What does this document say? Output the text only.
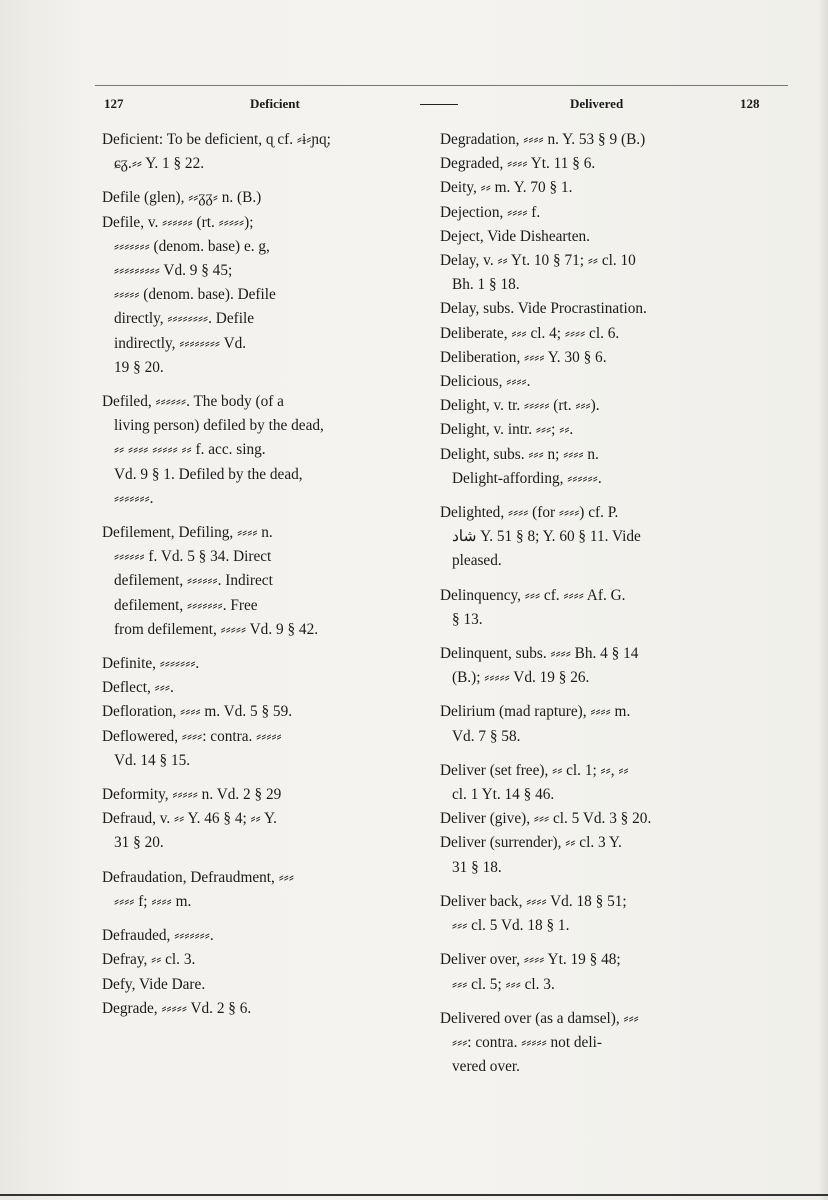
127	Deficient	Delivered	128
Deficient: To be deficient, ɋ cf. ⸗ɨ⸗ɲɋ;
ɕᵹ.⸗⸗ Y. 1 § 22.
Defile (glen), ⸗⸗ᵹᵹ⸗ n. (B.)
Defile, v. ⸗⸗⸗⸗⸗⸗ (rt. ⸗⸗⸗⸗⸗);
⸗⸗⸗⸗⸗⸗⸗ (denom. base) e. g,
⸗⸗⸗⸗⸗⸗⸗⸗⸗ Vd. 9 § 45;
⸗⸗⸗⸗⸗ (denom. base). Defile
directly, ⸗⸗⸗⸗⸗⸗⸗⸗. Defile
indirectly, ⸗⸗⸗⸗⸗⸗⸗⸗ Vd.
19 § 20.
Defiled, ⸗⸗⸗⸗⸗⸗. The body (of a
living person) defiled by the dead,
⸗⸗ ⸗⸗⸗⸗ ⸗⸗⸗⸗⸗ ⸗⸗ f. acc. sing.
Vd. 9 § 1. Defiled by the dead,
⸗⸗⸗⸗⸗⸗⸗.
Defilement, Defiling, ⸗⸗⸗⸗ n.
⸗⸗⸗⸗⸗⸗ f. Vd. 5 § 34. Direct
defilement, ⸗⸗⸗⸗⸗⸗. Indirect
defilement, ⸗⸗⸗⸗⸗⸗⸗. Free
from defilement, ⸗⸗⸗⸗⸗ Vd. 9 § 42.
Definite, ⸗⸗⸗⸗⸗⸗⸗.
Deflect, ⸗⸗⸗.
Defloration, ⸗⸗⸗⸗ m. Vd. 5 § 59.
Deflowered, ⸗⸗⸗⸗: contra. ⸗⸗⸗⸗⸗
Vd. 14 § 15.
Deformity, ⸗⸗⸗⸗⸗ n. Vd. 2 § 29
Defraud, v. ⸗⸗ Y. 46 § 4; ⸗⸗ Y.
31 § 20.
Defraudation, Defraudment, ⸗⸗⸗
⸗⸗⸗⸗ f; ⸗⸗⸗⸗ m.
Defrauded, ⸗⸗⸗⸗⸗⸗⸗.
Defray, ⸗⸗ cl. 3.
Defy, Vide Dare.
Degrade, ⸗⸗⸗⸗⸗ Vd. 2 § 6.
Degradation, ⸗⸗⸗⸗ n. Y. 53 § 9 (B.)
Degraded, ⸗⸗⸗⸗ Yt. 11 § 6.
Deity, ⸗⸗ m. Y. 70 § 1.
Dejection, ⸗⸗⸗⸗ f.
Deject, Vide Dishearten.
Delay, v. ⸗⸗ Yt. 10 § 71; ⸗⸗ cl. 10
Bh. 1 § 18.
Delay, subs. Vide Procrastination.
Deliberate, ⸗⸗⸗ cl. 4; ⸗⸗⸗⸗ cl. 6.
Deliberation, ⸗⸗⸗⸗ Y. 30 § 6.
Delicious, ⸗⸗⸗⸗.
Delight, v. tr. ⸗⸗⸗⸗⸗ (rt. ⸗⸗⸗).
Delight, v. intr. ⸗⸗⸗; ⸗⸗.
Delight, subs. ⸗⸗⸗ n; ⸗⸗⸗⸗ n.
Delight-affording, ⸗⸗⸗⸗⸗⸗.
Delighted, ⸗⸗⸗⸗ (for ⸗⸗⸗⸗) cf. P.
شاد Y. 51 § 8; Y. 60 § 11. Vide
pleased.
Delinquency, ⸗⸗⸗ cf. ⸗⸗⸗⸗ Af. G.
§ 13.
Delinquent, subs. ⸗⸗⸗⸗ Bh. 4 § 14
(B.); ⸗⸗⸗⸗⸗ Vd. 19 § 26.
Delirium (mad rapture), ⸗⸗⸗⸗ m.
Vd. 7 § 58.
Deliver (set free), ⸗⸗ cl. 1; ⸗⸗, ⸗⸗
cl. 1 Yt. 14 § 46.
Deliver (give), ⸗⸗⸗ cl. 5 Vd. 3 § 20.
Deliver (surrender), ⸗⸗ cl. 3 Y.
31 § 18.
Deliver back, ⸗⸗⸗⸗ Vd. 18 § 51;
⸗⸗⸗ cl. 5 Vd. 18 § 1.
Deliver over, ⸗⸗⸗⸗ Yt. 19 § 48;
⸗⸗⸗ cl. 5; ⸗⸗⸗ cl. 3.
Delivered over (as a damsel), ⸗⸗⸗
⸗⸗⸗: contra. ⸗⸗⸗⸗⸗ not deli-
vered over.
